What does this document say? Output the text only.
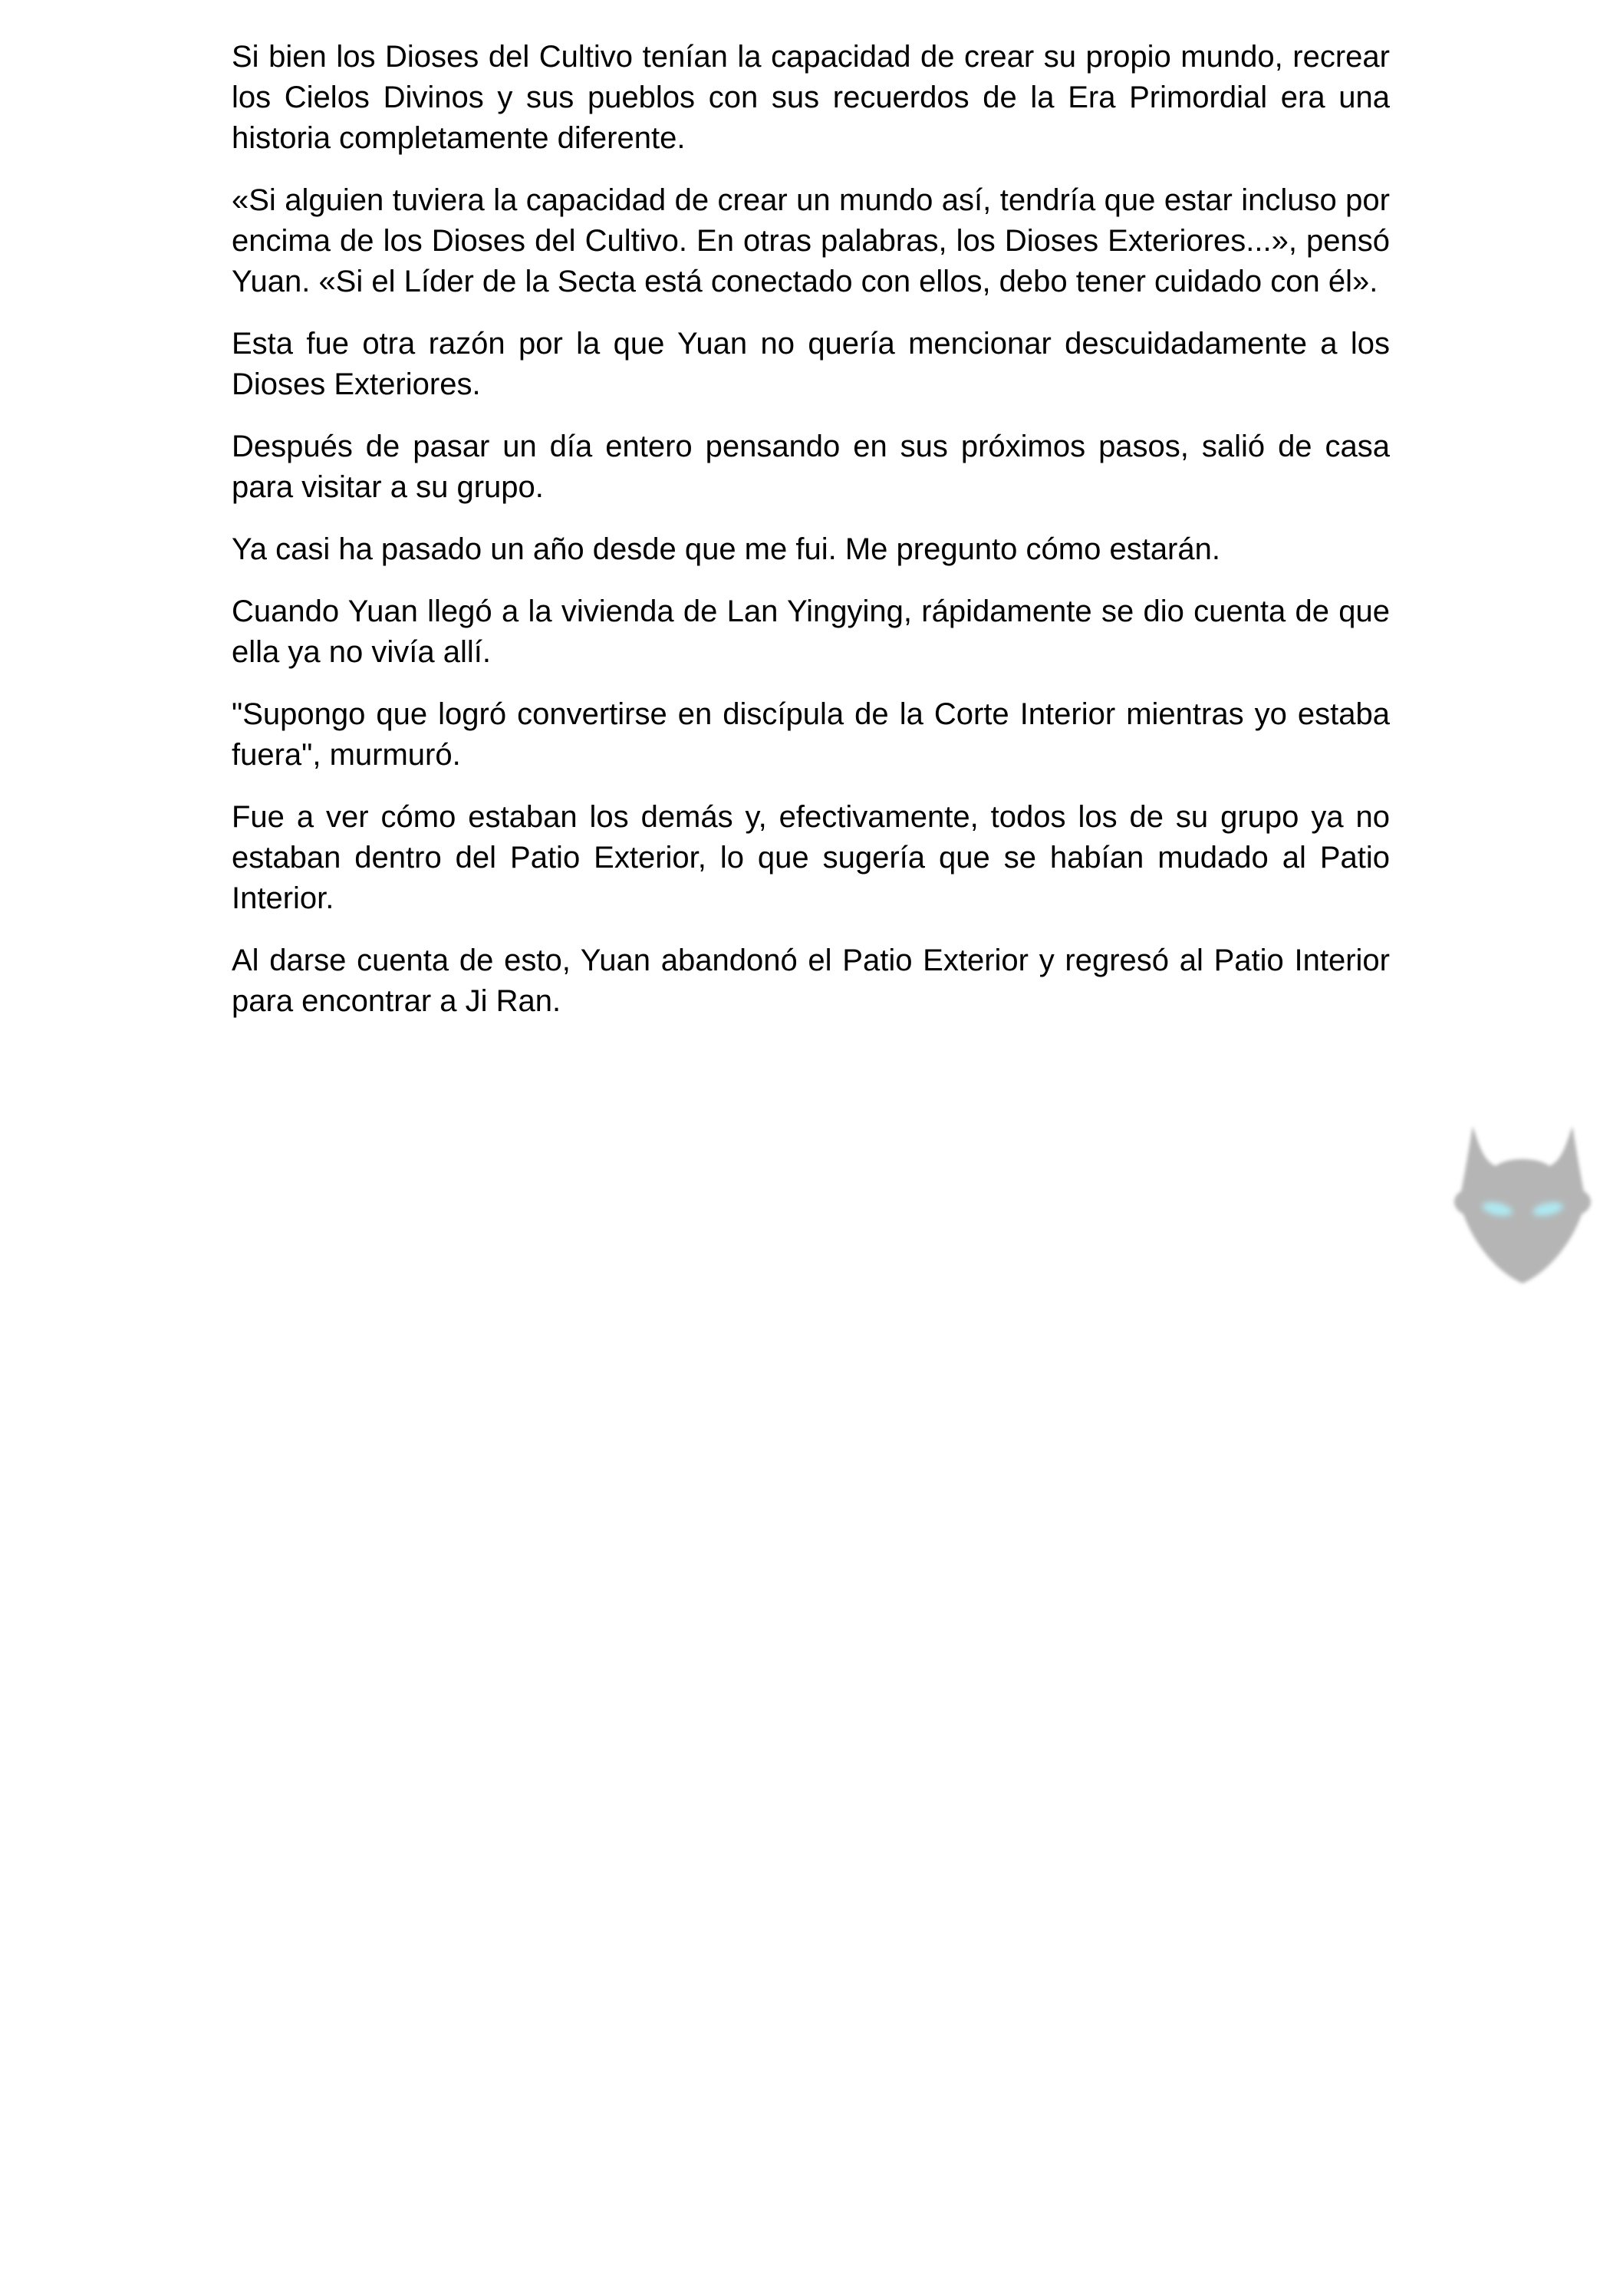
Si bien los Dioses del Cultivo tenían la capacidad de crear su propio mundo, recrear los Cielos Divinos y sus pueblos con sus recuerdos de la Era Primordial era una historia completamente diferente.

«Si alguien tuviera la capacidad de crear un mundo así, tendría que estar incluso por encima de los Dioses del Cultivo. En otras palabras, los Dioses Exteriores...», pensó Yuan. «Si el Líder de la Secta está conectado con ellos, debo tener cuidado con él».

Esta fue otra razón por la que Yuan no quería mencionar descuidadamente a los Dioses Exteriores.

Después de pasar un día entero pensando en sus próximos pasos, salió de casa para visitar a su grupo.

Ya casi ha pasado un año desde que me fui. Me pregunto cómo estarán.

Cuando Yuan llegó a la vivienda de Lan Yingying, rápidamente se dio cuenta de que ella ya no vivía allí.

"Supongo que logró convertirse en discípula de la Corte Interior mientras yo estaba fuera", murmuró.

Fue a ver cómo estaban los demás y, efectivamente, todos los de su grupo ya no estaban dentro del Patio Exterior, lo que sugería que se habían mudado al Patio Interior.

Al darse cuenta de esto, Yuan abandonó el Patio Exterior y regresó al Patio Interior para encontrar a Ji Ran.
